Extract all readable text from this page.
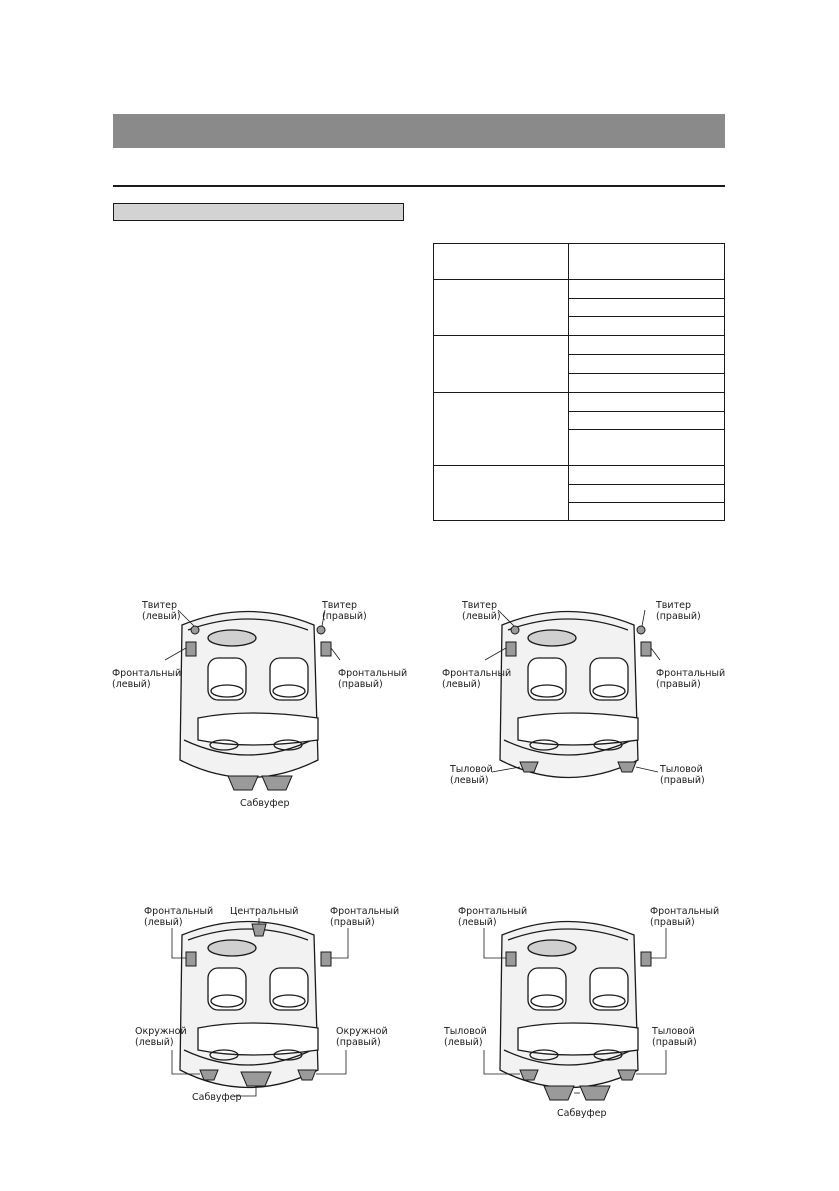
Твитер
(левый)
Твитер
(правый)
Фронтальный
(левый)
Фронтальный
(правый)
Сабвуфер
Твитер
(левый)
Твитер
(правый)
Фронтальный
(левый)
Фронтальный
(правый)
Тыловой
(левый)
Тыловой
(правый)
Фронтальный
(левый)
Центральный	Фронтальный
(правый)
Окружной
(левый)
Окружной
(правый)
Сабвуфер
Фронтальный
(левый)
Фронтальный
(правый)
Тыловой
(левый)
Тыловой
(правый)
Сабвуфер
